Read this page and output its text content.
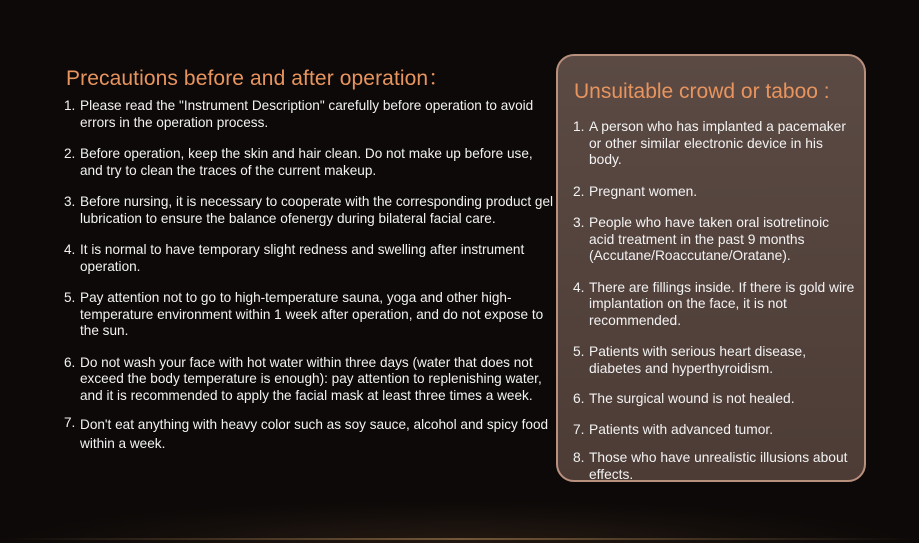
Precautions before and after operation：
1. Please read the "Instrument Description" carefully before operation to avoid errors in the operation process.
2. Before operation, keep the skin and hair clean. Do not make up before use, and try to clean the traces of the current makeup.
3. Before nursing, it is necessary to cooperate with the corresponding product gel lubrication to ensure the balance ofenergy during bilateral facial care.
4. It is normal to have temporary slight redness and swelling after instrument operation.
5. Pay attention not to go to high-temperature sauna, yoga and other high-temperature environment within 1 week after operation, and do not expose to the sun.
6. Do not wash your face with hot water within three days (water that does not exceed the body temperature is enough): pay attention to replenishing water, and it is recommended to apply the facial mask at least three times a week.
7. Don't eat anything with heavy color such as soy sauce, alcohol and spicy food within a week.
Unsuitable crowd or taboo :
1. A person who has implanted a pacemaker or other similar electronic device in his body.
2. Pregnant women.
3. People who have taken oral isotretinoic acid treatment in the past 9 months (Accutane/Roaccutane/Oratane).
4. There are fillings inside. If there is gold wire implantation on the face, it is not recommended.
5. Patients with serious heart disease, diabetes and hyperthyroidism.
6. The surgical wound is not healed.
7. Patients with advanced tumor.
8. Those who have unrealistic illusions about effects.
